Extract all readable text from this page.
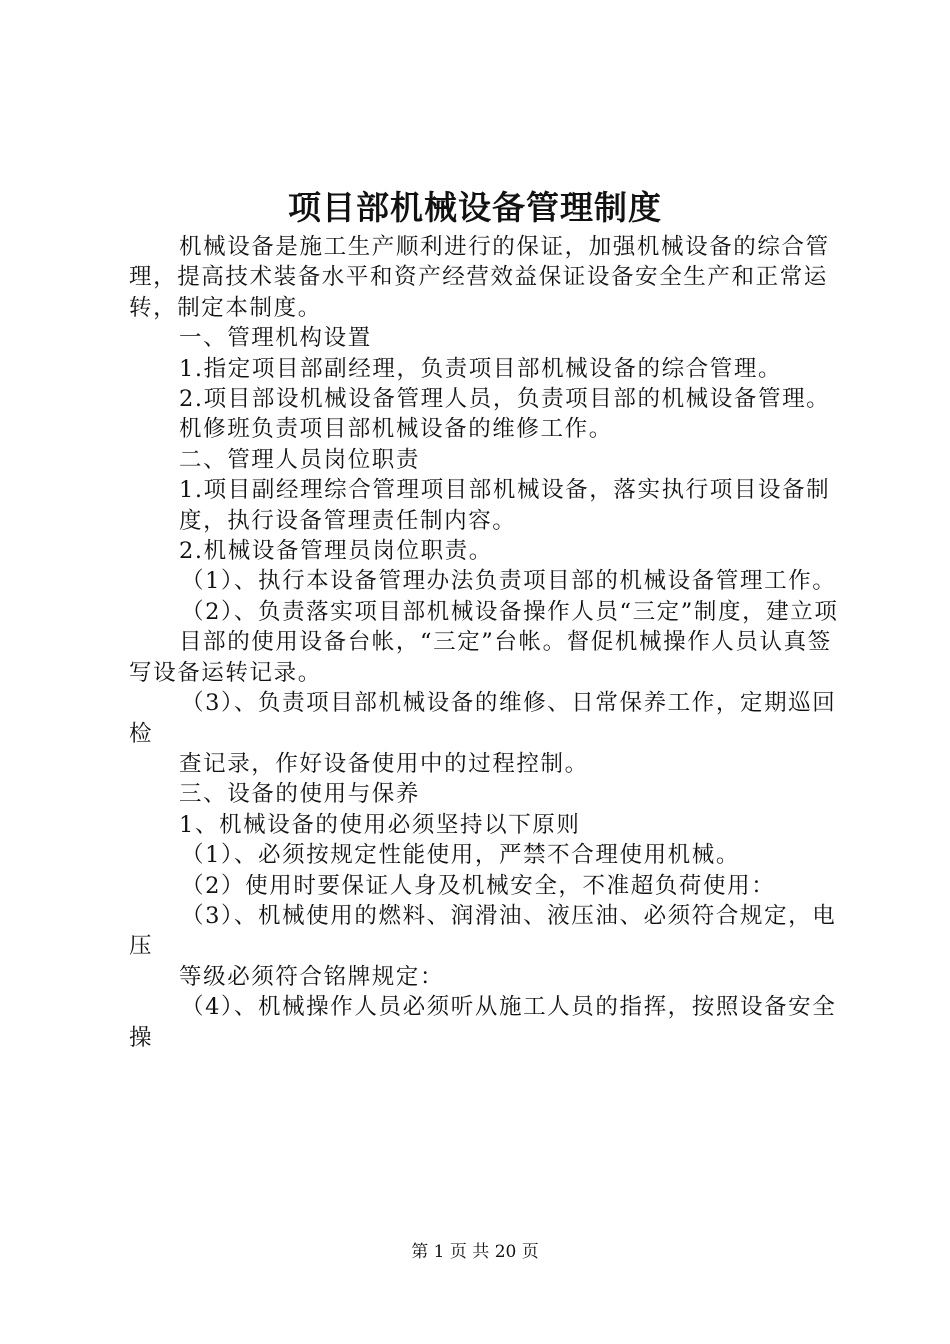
项目部机械设备管理制度

机械设备是施工生产顺利进行的保证，加强机械设备的综合管理，提高技术装备水平和资产经营效益保证设备安全生产和正常运转，制定本制度。

一、管理机构设置

1.指定项目部副经理，负责项目部机械设备的综合管理。

2.项目部设机械设备管理人员，负责项目部的机械设备管理。

机修班负责项目部机械设备的维修工作。

二、管理人员岗位职责

1.项目副经理综合管理项目部机械设备，落实执行项目设备制

度，执行设备管理责任制内容。

2.机械设备管理员岗位职责。

（1）、执行本设备管理办法负责项目部的机械设备管理工作。

（2）、负责落实项目部机械设备操作人员“三定”制度，建立项

目部的使用设备台帐，“三定”台帐。督促机械操作人员认真签写设备运转记录。

（3）、负责项目部机械设备的维修、日常保养工作，定期巡回检

查记录，作好设备使用中的过程控制。

三、设备的使用与保养

1、机械设备的使用必须坚持以下原则

（1）、必须按规定性能使用，严禁不合理使用机械。

（2）使用时要保证人身及机械安全，不准超负荷使用：

（3）、机械使用的燃料、润滑油、液压油、必须符合规定，电压

等级必须符合铭牌规定：

（4）、机械操作人员必须听从施工人员的指挥，按照设备安全操

第 1 页 共 20 页
